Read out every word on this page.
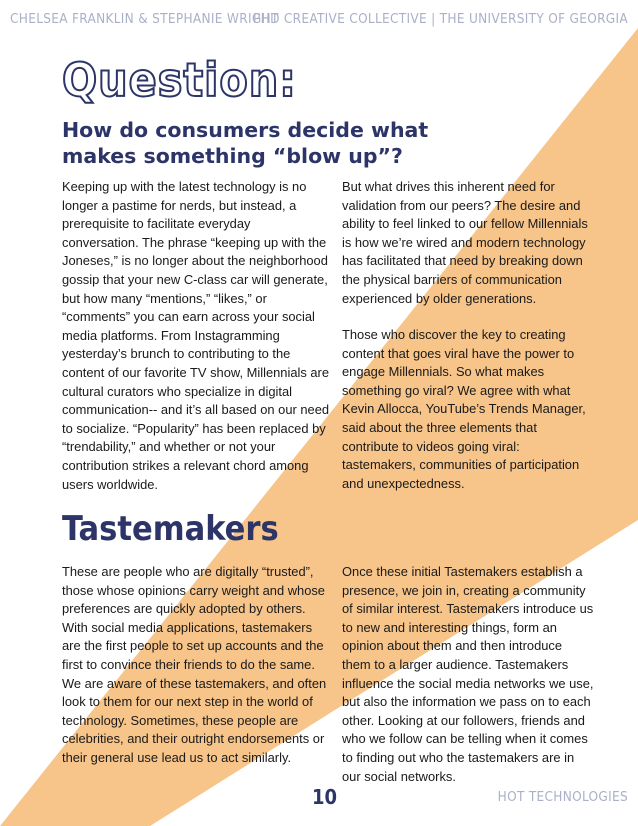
CHELSEA FRANKLIN & STEPHANIE WRIGHT
PHD CREATIVE COLLECTIVE | THE UNIVERSITY OF GEORGIA
Question:
How do consumers decide what makes something “blow up”?
Keeping up with the latest technology is no longer a pastime for nerds, but instead, a prerequisite to facilitate everyday conversation. The phrase “keeping up with the Joneses,” is no longer about the neighborhood gossip that your new C-class car will generate, but how many “mentions,” “likes,” or “comments” you can earn across your social media platforms. From Instagramming yesterday’s brunch to contributing to the content of our favorite TV show, Millennials are cultural curators who specialize in digital communication-- and it’s all based on our need to socialize. “Popularity” has been replaced by “trendability,” and whether or not your contribution strikes a relevant chord among users worldwide.
But what drives this inherent need for validation from our peers? The desire and ability to feel linked to our fellow Millennials is how we’re wired and modern technology has facilitated that need by breaking down the physical barriers of communication experienced by older generations.
Those who discover the key to creating content that goes viral have the power to engage Millennials. So what makes something go viral? We agree with what Kevin Allocca, YouTube’s Trends Manager, said about the three elements that contribute to videos going viral: tastemakers, communities of participation and unexpectedness.
Tastemakers
These are people who are digitally “trusted”, those whose opinions carry weight and whose preferences are quickly adopted by others. With social media applications, tastemakers are the first people to set up accounts and the first to convince their friends to do the same. We are aware of these tastemakers, and often look to them for our next step in the world of technology. Sometimes, these people are celebrities, and their outright endorsements or their general use lead us to act similarly.
Once these initial Tastemakers establish a presence, we join in, creating a community of similar interest. Tastemakers introduce us to new and interesting things, form an opinion about them and then introduce them to a larger audience. Tastemakers influence the social media networks we use, but also the information we pass on to each other. Looking at our followers, friends and who we follow can be telling when it comes to finding out who the tastemakers are in our social networks.
10	HOT TECHNOLOGIES
